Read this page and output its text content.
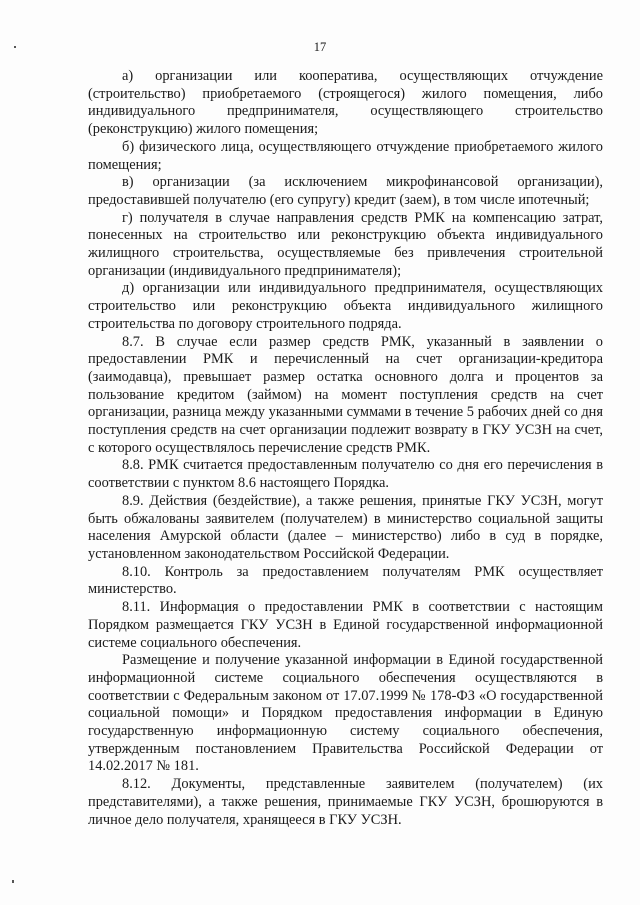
17

а) организации или кооператива, осуществляющих отчуждение (строительство) приобретаемого (строящегося) жилого помещения, либо индивидуального предпринимателя, осуществляющего строительство (реконструкцию) жилого помещения;

б) физического лица, осуществляющего отчуждение приобретаемого жилого помещения;

в) организации (за исключением микрофинансовой организации), предоставившей получателю (его супругу) кредит (заем), в том числе ипотечный;

г) получателя в случае направления средств РМК на компенсацию затрат, понесенных на строительство или реконструкцию объекта индивидуального жилищного строительства, осуществляемые без привлечения строительной организации (индивидуального предпринимателя);

д) организации или индивидуального предпринимателя, осуществляющих строительство или реконструкцию объекта индивидуального жилищного строительства по договору строительного подряда.

8.7. В случае если размер средств РМК, указанный в заявлении о предоставлении РМК и перечисленный на счет организации-кредитора (заимодавца), превышает размер остатка основного долга и процентов за пользование кредитом (займом) на момент поступления средств на счет организации, разница между указанными суммами в течение 5 рабочих дней со дня поступления средств на счет организации подлежит возврату в ГКУ УСЗН на счет, с которого осуществлялось перечисление средств РМК.

8.8. РМК считается предоставленным получателю со дня его перечисления в соответствии с пунктом 8.6 настоящего Порядка.

8.9. Действия (бездействие), а также решения, принятые ГКУ УСЗН, могут быть обжалованы заявителем (получателем) в министерство социальной защиты населения Амурской области (далее – министерство) либо в суд в порядке, установленном законодательством Российской Федерации.

8.10. Контроль за предоставлением получателям РМК осуществляет министерство.

8.11. Информация о предоставлении РМК в соответствии с настоящим Порядком размещается ГКУ УСЗН в Единой государственной информационной системе социального обеспечения.

Размещение и получение указанной информации в Единой государственной информационной системе социального обеспечения осуществляются в соответствии с Федеральным законом от 17.07.1999 № 178-ФЗ «О государственной социальной помощи» и Порядком предоставления информации в Единую государственную информационную систему социального обеспечения, утвержденным постановлением Правительства Российской Федерации от 14.02.2017 № 181.

8.12. Документы, представленные заявителем (получателем) (их представителями), а также решения, принимаемые ГКУ УСЗН, брошюруются в личное дело получателя, хранящееся в ГКУ УСЗН.
